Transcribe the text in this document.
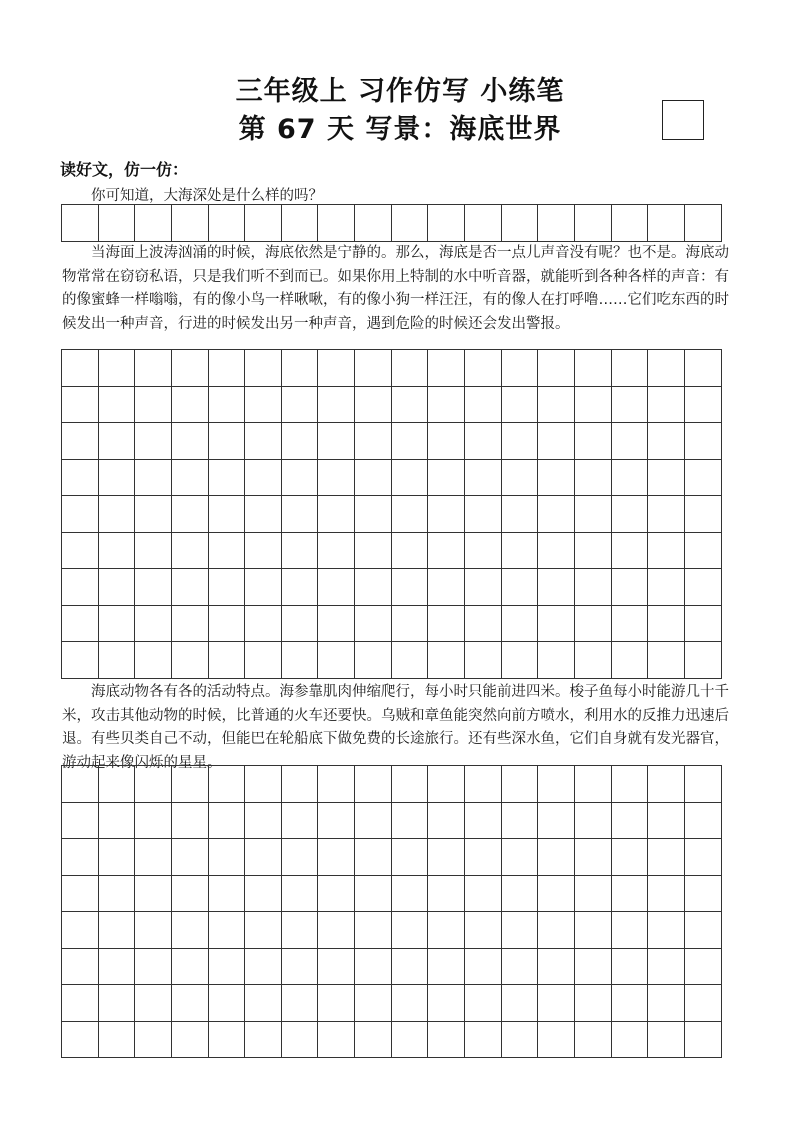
三年级上 习作仿写 小练笔
第 67 天 写景：海底世界
读好文，仿一仿：
你可知道，大海深处是什么样的吗？
当海面上波涛汹涌的时候，海底依然是宁静的。那么，海底是否一点儿声音没有呢？也不是。海底动物常常在窃窃私语，只是我们听不到而已。如果你用上特制的水中听音器，就能听到各种各样的声音：有的像蜜蜂一样嗡嗡，有的像小鸟一样啾啾，有的像小狗一样汪汪，有的像人在打呼噜……它们吃东西的时候发出一种声音，行进的时候发出另一种声音，遇到危险的时候还会发出警报。
海底动物各有各的活动特点。海参靠肌肉伸缩爬行，每小时只能前进四米。梭子鱼每小时能游几十千米，攻击其他动物的时候，比普通的火车还要快。乌贼和章鱼能突然向前方喷水，利用水的反推力迅速后退。有些贝类自己不动，但能巴在轮船底下做免费的长途旅行。还有些深水鱼，它们自身就有发光器官，游动起来像闪烁的星星。
